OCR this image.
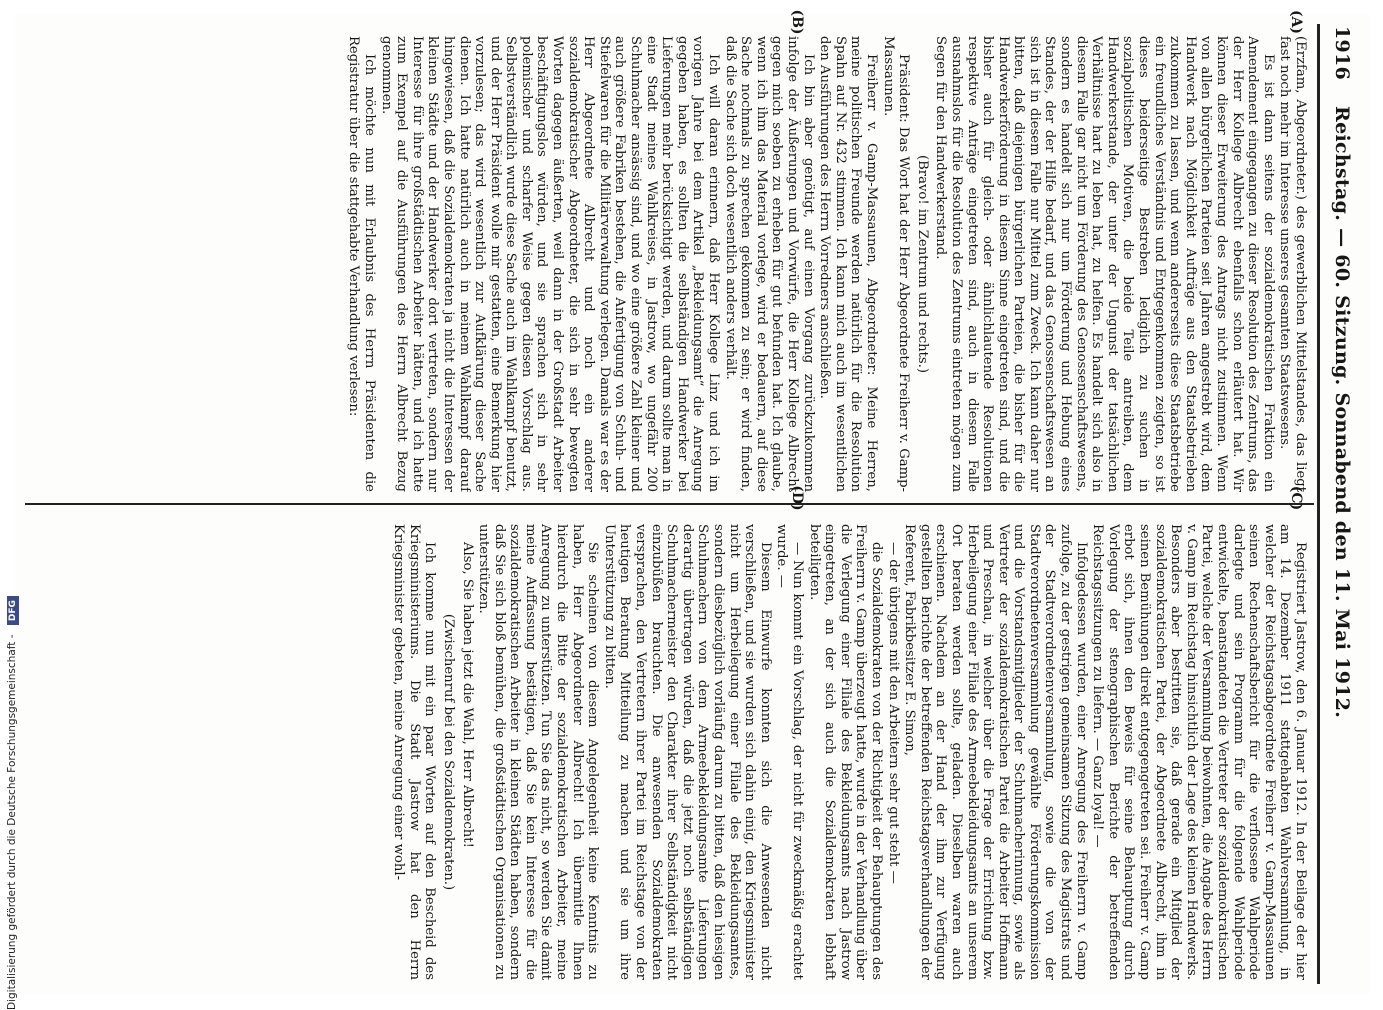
1916
Reichstag. — 60. Sitzung. Sonnabend den 11. Mai 1912.
(A)
(B)
(C)
(D)

(Erzfam, Abgeordneter.) des gewerblichen Mittelstandes, das liegt fast noch mehr im Interesse unseres gesamten Staatswesens.

Es ist dann seitens der sozialdemokratischen Fraktion ein Amendement eingegangen zu dieser Resolution des Zentrums, das der Herr Kollege Albrecht ebenfalls schon erläutert hat. Wir können dieser Erweiterung des Antrags nicht zustimmen. Wenn von allen bürgerlichen Parteien seit Jahren angestrebt wird, dem Handwerk nach Möglichkeit Aufträge aus den Staatsbetrieben zukommen zu lassen, und wenn andererseits diese Staatsbetriebe ein freundliches Verständnis und Entgegenkommen zeigten, so ist dieses beiderseitige Bestreben lediglich zu suchen in sozialpolitischen Motiven, die beide Teile antreiben, dem Handwerkerstande, der unter der Ungunst der tatsächlichen Verhältnisse hart zu leben hat, zu helfen. Es handelt sich also in diesem Falle gar nicht um Förderung des Genossenschaftswesens, sondern es handelt sich nur um Förderung und Hebung eines Standes, der der Hilfe bedarf, und das Genossenschaftswesen an sich ist in diesem Falle nur Mittel zum Zweck. Ich kann daher nur bitten, daß diejenigen bürgerlichen Parteien, die bisher für die Handwerkerförderung in diesem Sinne eingetreten sind, und die bisher auch für gleich- oder ähnlichlautende Resolutionen respektive Anträge eingetreten sind, auch in diesem Falle ausnahmslos für die Resolution des Zentrums eintreten mögen zum Segen für den Handwerkerstand.

(Bravo! im Zentrum und rechts.)

Präsident: Das Wort hat der Herr Abgeordnete Freiherr v. Gamp-Massaunen.

Freiherr v. Gamp-Massaunen, Abgeordneter: Meine Herren, meine politischen Freunde werden natürlich für die Resolution Spahn auf Nr. 432 stimmen. Ich kann mich auch im wesentlichen den Ausführungen des Herrn Vorredners anschließen.

Ich bin aber genötigt, auf einen Vorgang zurückzukommen infolge der Äußerungen und Vorwürfe, die Herr Kollege Albrecht gegen mich soeben zu erheben für gut befunden hat. Ich glaube, wenn ich ihm das Material vorlege, wird er bedauern, auf diese Sache nochmals zu sprechen gekommen zu sein; er wird finden, daß die Sache sich doch wesentlich anders verhält.

Ich will daran erinnern, daß Herr Kollege Linz und ich im vorigen Jahre bei dem Artikel „Bekleidungsamt“ die Anregung gegeben haben, es sollten die selbständigen Handwerker bei Lieferungen mehr berücksichtigt werden, und darum sollte man in eine Stadt meines Wahlkreises, in Jastrow, wo ungefähr 200 Schuhmacher ansässig sind, und wo eine größere Zahl kleiner und auch größere Fabriken bestehen, die Anfertigung von Schuh- und Stiefelwaren für die Militärverwaltung verlegen. Damals war es der Herr Abgeordnete Albrecht und noch ein anderer sozialdemokratischer Abgeordneter, die sich in sehr bewegten Worten dagegen äußerten, weil dann in der Großstadt Arbeiter beschäftigungslos würden, und sie sprachen sich in sehr polemischer und scharfer Weise gegen diesen Vorschlag aus. Selbstverständlich wurde diese Sache auch im Wahlkampf benutzt, und der Herr Präsident wolle mir gestatten, eine Bemerkung hier vorzulesen; das wird wesentlich zur Aufklärung dieser Sache dienen. Ich hatte natürlich auch in meinem Wahlkampf darauf hingewiesen, daß die Sozialdemokraten ja nicht die Interessen der kleinen Städte und der Handwerker dort vertreten, sondern nur Interesse für ihre großstädtischen Arbeiter hätten, und ich hatte zum Exempel auf die Ausführungen des Herrn Albrecht Bezug genommen.

Ich möchte nun mit Erlaubnis des Herrn Präsidenten die Registratur über die stattgehabte Verhandlung verlesen:

Registriert Jastrow, den 6. Januar 1912. In der Beilage der hier am 14. Dezember 1911 stattgehabten Wahlversammlung, in welcher der Reichstagsabgeordnete Freiherr v. Gamp-Massaunen seinen Rechenschaftsbericht für die verflossene Wahlperiode darlegte und sein Programm für die folgende Wahlperiode entwickelte, beanstandeten die Vertreter der sozialdemokratischen Partei, welche der Versammlung beiwohnten, die Angabe des Herrn v. Gamp im Reichstag hinsichtlich der Lage des kleinen Handwerks. Besonders aber bestritten sie, daß gerade ein Mitglied der sozialdemokratischen Partei, der Abgeordnete Albrecht, ihm in seinen Bemühungen direkt entgegengetreten sei. Freiherr v. Gamp erbot sich, ihnen den Beweis für seine Behauptung durch Vorlegung der stenographischen Berichte der betreffenden Reichstagssitzungen zu liefern. — Ganz loyal! —

Infolgedessen wurden, einer Anregung des Freiherrn v. Gamp zufolge, zu der gestrigen gemeinsamen Sitzung des Magistrats und der Stadtverordnetenversammlung, sowie die von der Stadtverordnetenversammlung gewählte Förderungskommission und die Vorstandsmitglieder der Schuhmacherinnung, sowie als Vertreter der sozialdemokratischen Partei die Arbeiter Hoffmann und Preschau, in welcher über die Frage der Errichtung bzw. Herbeilegung einer Filiale des Armeebekleidungsamts an unserem Ort beraten werden sollte, geladen. Dieselben waren auch erschienen. Nachdem an der Hand der ihm zur Verfügung gestellten Berichte der betreffenden Reichstagsverhandlungen der Referent, Fabrikbesitzer E. Simon,

— der übrigens mit den Arbeitern sehr gut steht —

die Sozialdemokraten von der Richtigkeit der Behauptungen des Freiherrn v. Gamp überzeugt hatte, wurde in der Verhandlung über die Verlegung einer Filiale des Bekleidungsamts nach Jastrow eingetreten, an der sich auch die Sozialdemokraten lebhaft beteiligten.

— Nun kommt ein Vorschlag, der nicht für zweckmäßig erachtet wurde. —

Diesem Einwurfe konnten sich die Anwesenden nicht verschließen, und sie wurden sich dahin einig, den Kriegsminister nicht um Herbeilegung einer Filiale des Bekleidungsamtes, sondern diesbezüglich vorläufig darum zu bitten, daß den hiesigen Schuhmachern von dem Armeebekleidungsamte Lieferungen derartig übertragen würden, daß die jetzt noch selbständigen Schuhmachermeister den Charakter ihrer Selbständigkeit nicht einzubüßen brauchten. Die anwesenden Sozialdemokraten versprachen, den Vertretern ihrer Partei im Reichstage von der heutigen Beratung Mitteilung zu machen und sie um ihre Unterstützung zu bitten.

Sie scheinen von diesem Angelegenheit keine Kenntnis zu haben, Herr Abgeordneter Albrecht! Ich übermittle Ihnen hierdurch die Bitte der sozialdemokratischen Arbeiter, meine Anregung zu unterstützen. Tun Sie das nicht, so werden Sie damit meine Auffassung bestätigen, daß Sie kein Interesse für die sozialdemokratischen Arbeiter in kleinen Städten haben, sondern daß Sie sich bloß bemühen, die großstädtischen Organisationen zu unterstützen.

Also, Sie haben jetzt die Wahl, Herr Albrecht!

(Zwischenruf bei den Sozialdemokraten.)

Ich komme nun mit ein paar Worten auf den Bescheid des Kriegsministeriums. Die Stadt Jastrow hat den Herrn Kriegsminister gebeten, meine Anregung einer wohl-

Digitalisierung gefördert durch die Deutsche Forschungsgemeinschaft - DFG
